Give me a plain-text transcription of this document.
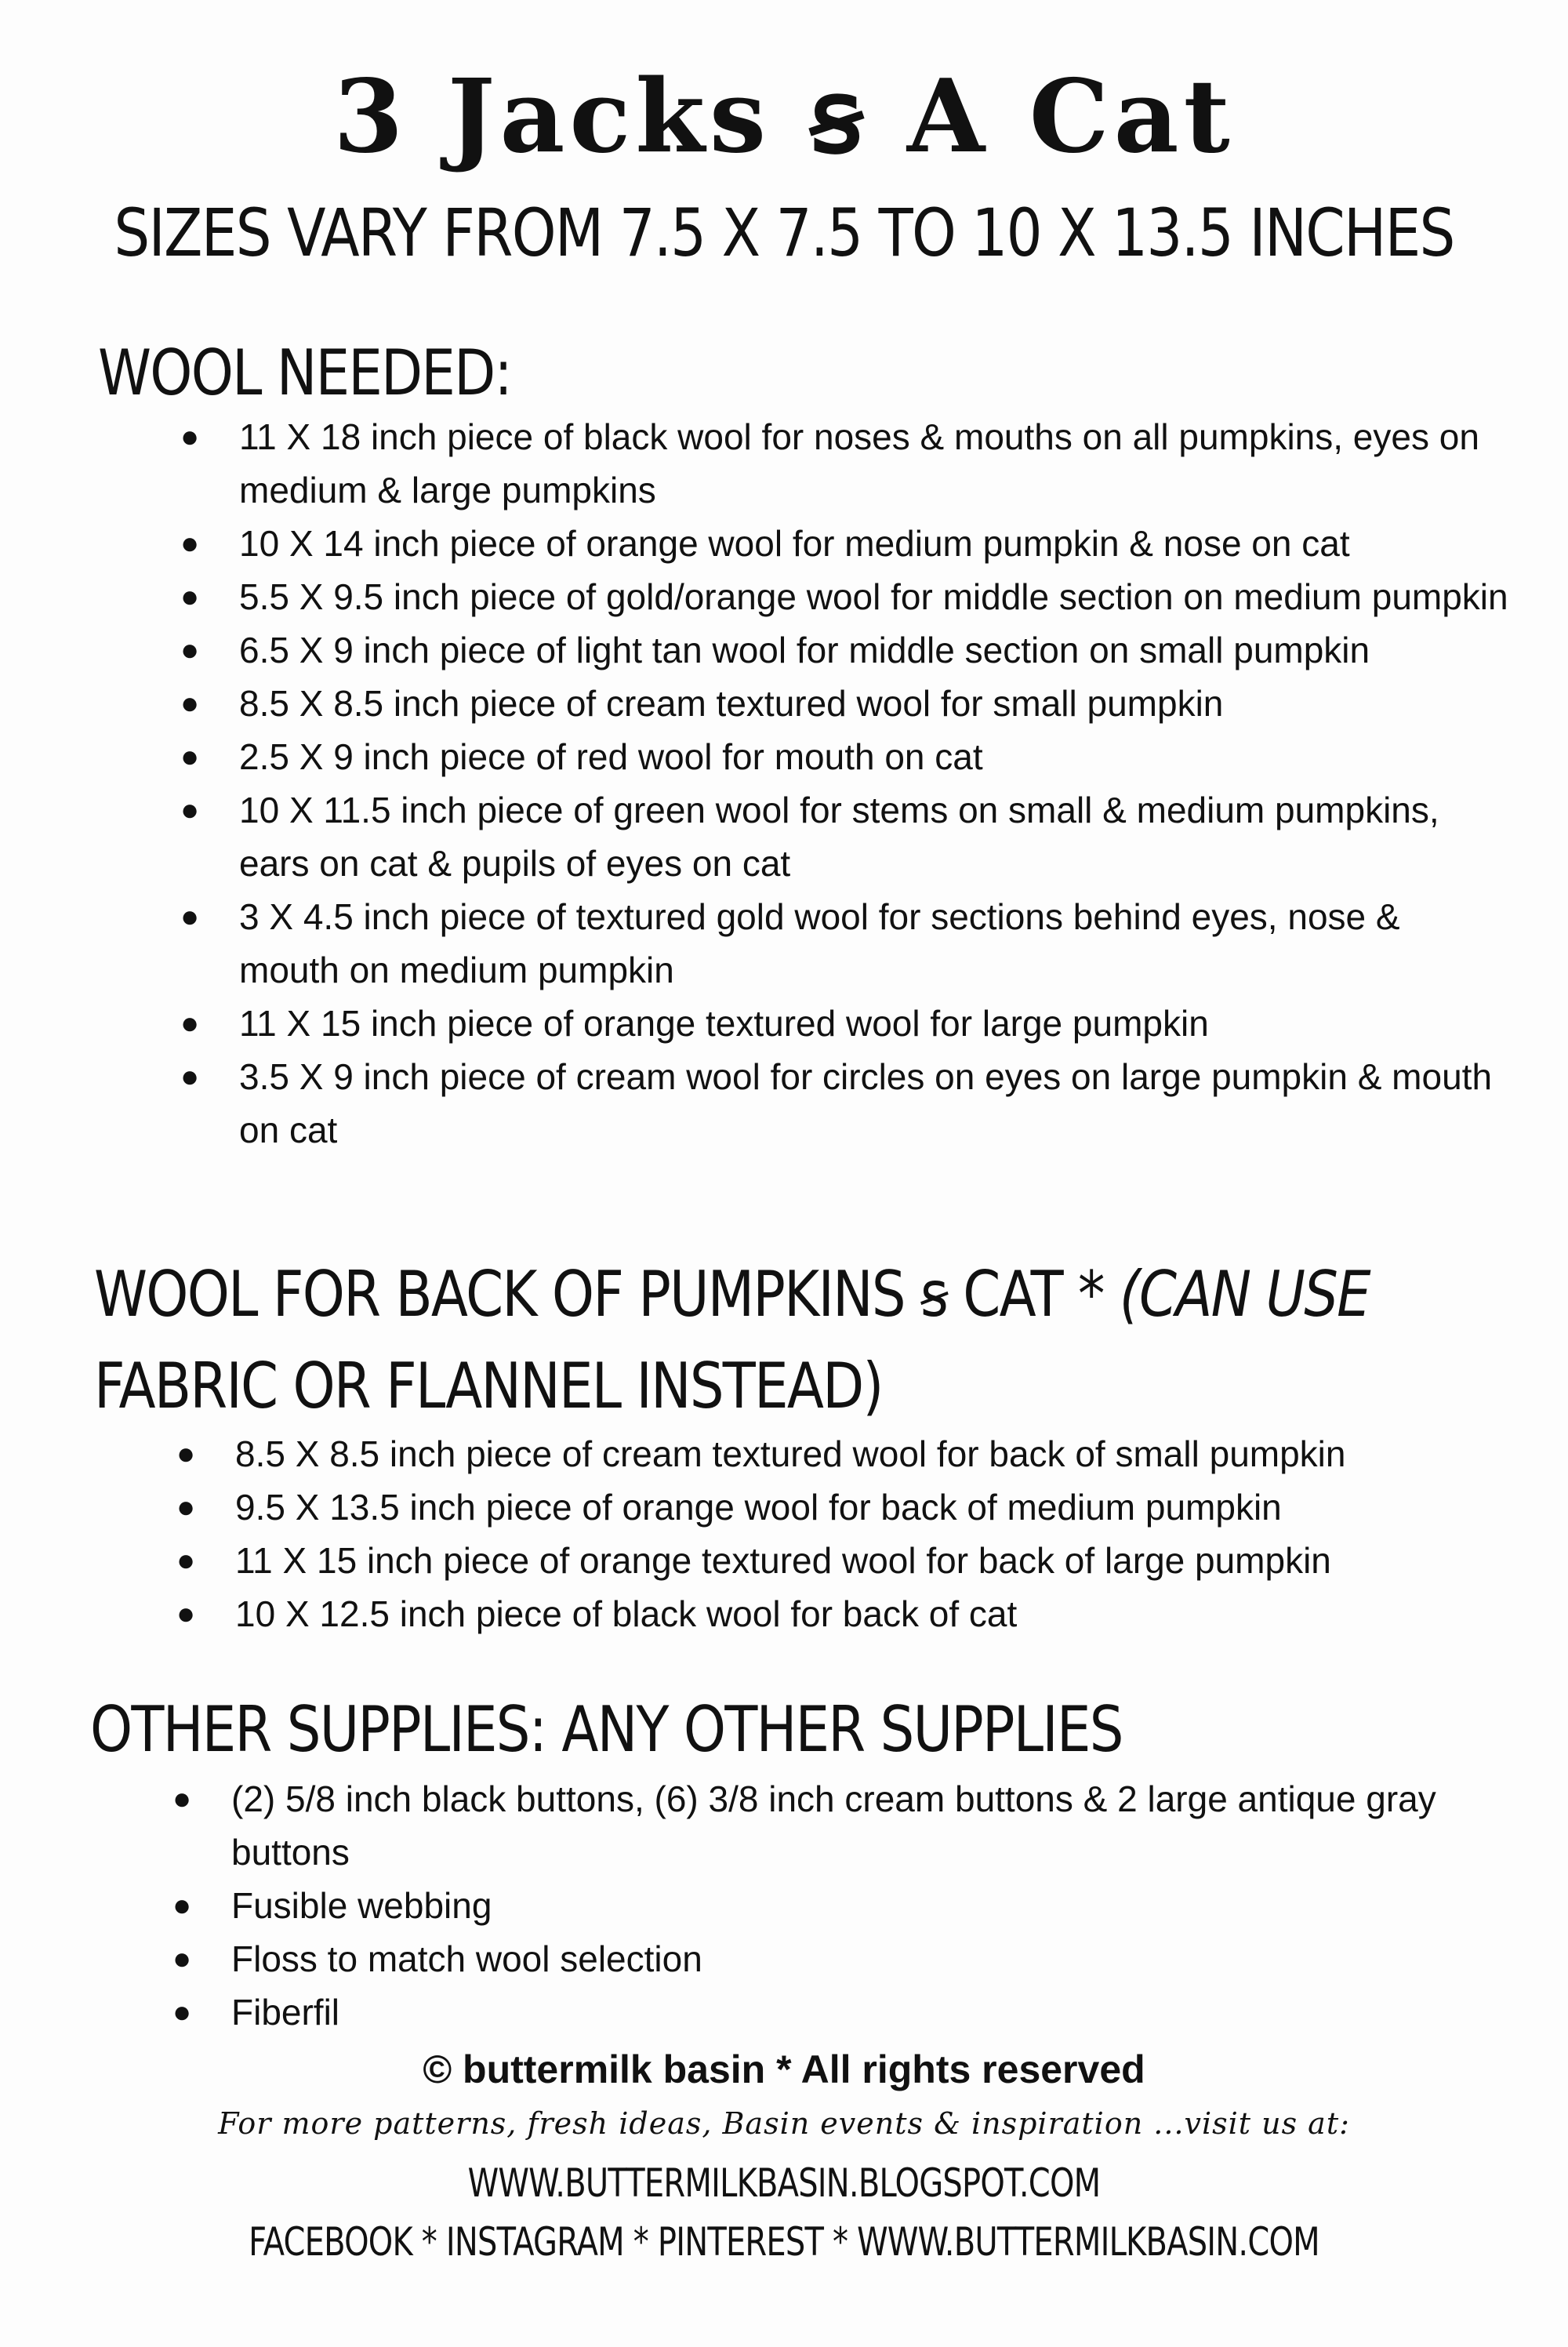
3 Jacks ꞩ A Cat
SIZES VARY FROM 7.5 X 7.5 TO 10 X 13.5 INCHES
WOOL NEEDED:
● 11 X 18 inch piece of black wool for noses & mouths on all pumpkins, eyes on medium & large pumpkins
● 10 X 14 inch piece of orange wool for medium pumpkin & nose on cat
● 5.5 X 9.5 inch piece of gold/orange wool for middle section on medium pumpkin
● 6.5 X 9 inch piece of light tan wool for middle section on small pumpkin
● 8.5 X 8.5 inch piece of cream textured wool for small pumpkin
● 2.5 X 9 inch piece of red wool for mouth on cat
● 10 X 11.5 inch piece of green wool for stems on small & medium pumpkins, ears on cat & pupils of eyes on cat
● 3 X 4.5 inch piece of textured gold wool for sections behind eyes, nose & mouth on medium pumpkin
● 11 X 15 inch piece of orange textured wool for large pumpkin
● 3.5 X 9 inch piece of cream wool for circles on eyes on large pumpkin & mouth on cat
WOOL FOR BACK OF PUMPKINS ꞩ CAT * (CAN USE
FABRIC OR FLANNEL INSTEAD)
● 8.5 X 8.5 inch piece of cream textured wool for back of small pumpkin
● 9.5 X 13.5 inch piece of orange wool for back of medium pumpkin
● 11 X 15 inch piece of orange textured wool for back of large pumpkin
● 10 X 12.5 inch piece of black wool for back of cat
OTHER SUPPLIES: ANY OTHER SUPPLIES
● (2) 5/8 inch black buttons, (6) 3/8 inch cream buttons & 2 large antique gray buttons
● Fusible webbing
● Floss to match wool selection
● Fiberfil
© buttermilk basin * All rights reserved
For more patterns, fresh ideas, Basin events & inspiration ...visit us at:
WWW.BUTTERMILKBASIN.BLOGSPOT.COM
FACEBOOK * INSTAGRAM * PINTEREST * WWW.BUTTERMILKBASIN.COM
